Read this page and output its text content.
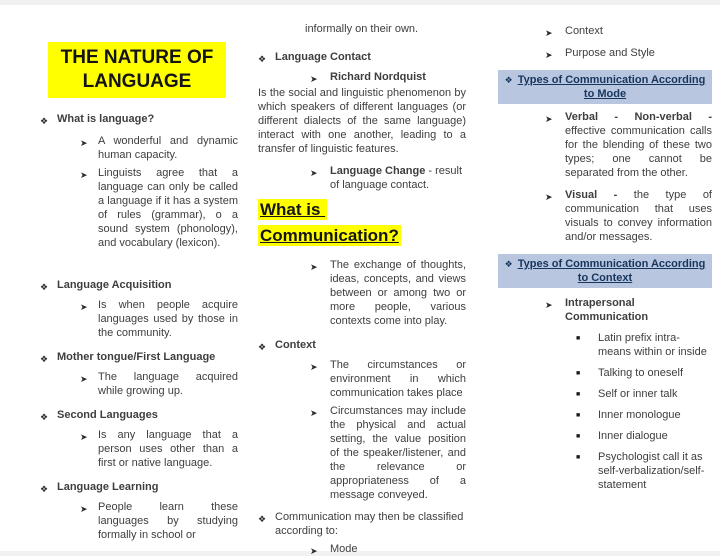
THE NATURE OF LANGUAGE
❖ What is language?
➤ A wonderful and dynamic human capacity.
➤ Linguists agree that a language can only be called a language if it has a system of rules (grammar), o a sound system (phonology), and vocabulary (lexicon).
❖ Language Acquisition
➤ Is when people acquire languages used by those in the community.
❖ Mother tongue/First Language
➤ The language acquired while growing up.
❖ Second Languages
➤ Is any language that a person uses other than a first or native language.
❖ Language Learning
➤ People learn these languages by studying formally in school or
informally on their own.
❖ Language Contact
➤ Richard Nordquist
Is the social and linguistic phenomenon by which speakers of different languages (or different dialects of the same language) interact with one another, leading to a transfer of linguistic features.
➤ Language Change - result of language contact.
What is
Communication?
➤ The exchange of thoughts, ideas, concepts, and views between or among two or more people, various contexts come into play.
❖ Context
➤ The circumstances or environment in which communication takes place
➤ Circumstances may include the physical and actual setting, the value position of the speaker/listener, and the relevance or appropriateness of a message conveyed.
❖ Communication may then be classified according to:
➤ Mode
➤ Context
➤ Purpose and Style
❖ Types of Communication According to Mode
➤ Verbal - Non-verbal - effective communication calls for the blending of these two types; one cannot be separated from the other.
➤ Visual - the type of communication that uses visuals to convey information and/or messages.
❖ Types of Communication According to Context
➤ Intrapersonal Communication
■ Latin prefix intra- means within or inside
■ Talking to oneself
■ Self or inner talk
■ Inner monologue
■ Inner dialogue
■ Psychologist call it as self-verbalization/self-statement
